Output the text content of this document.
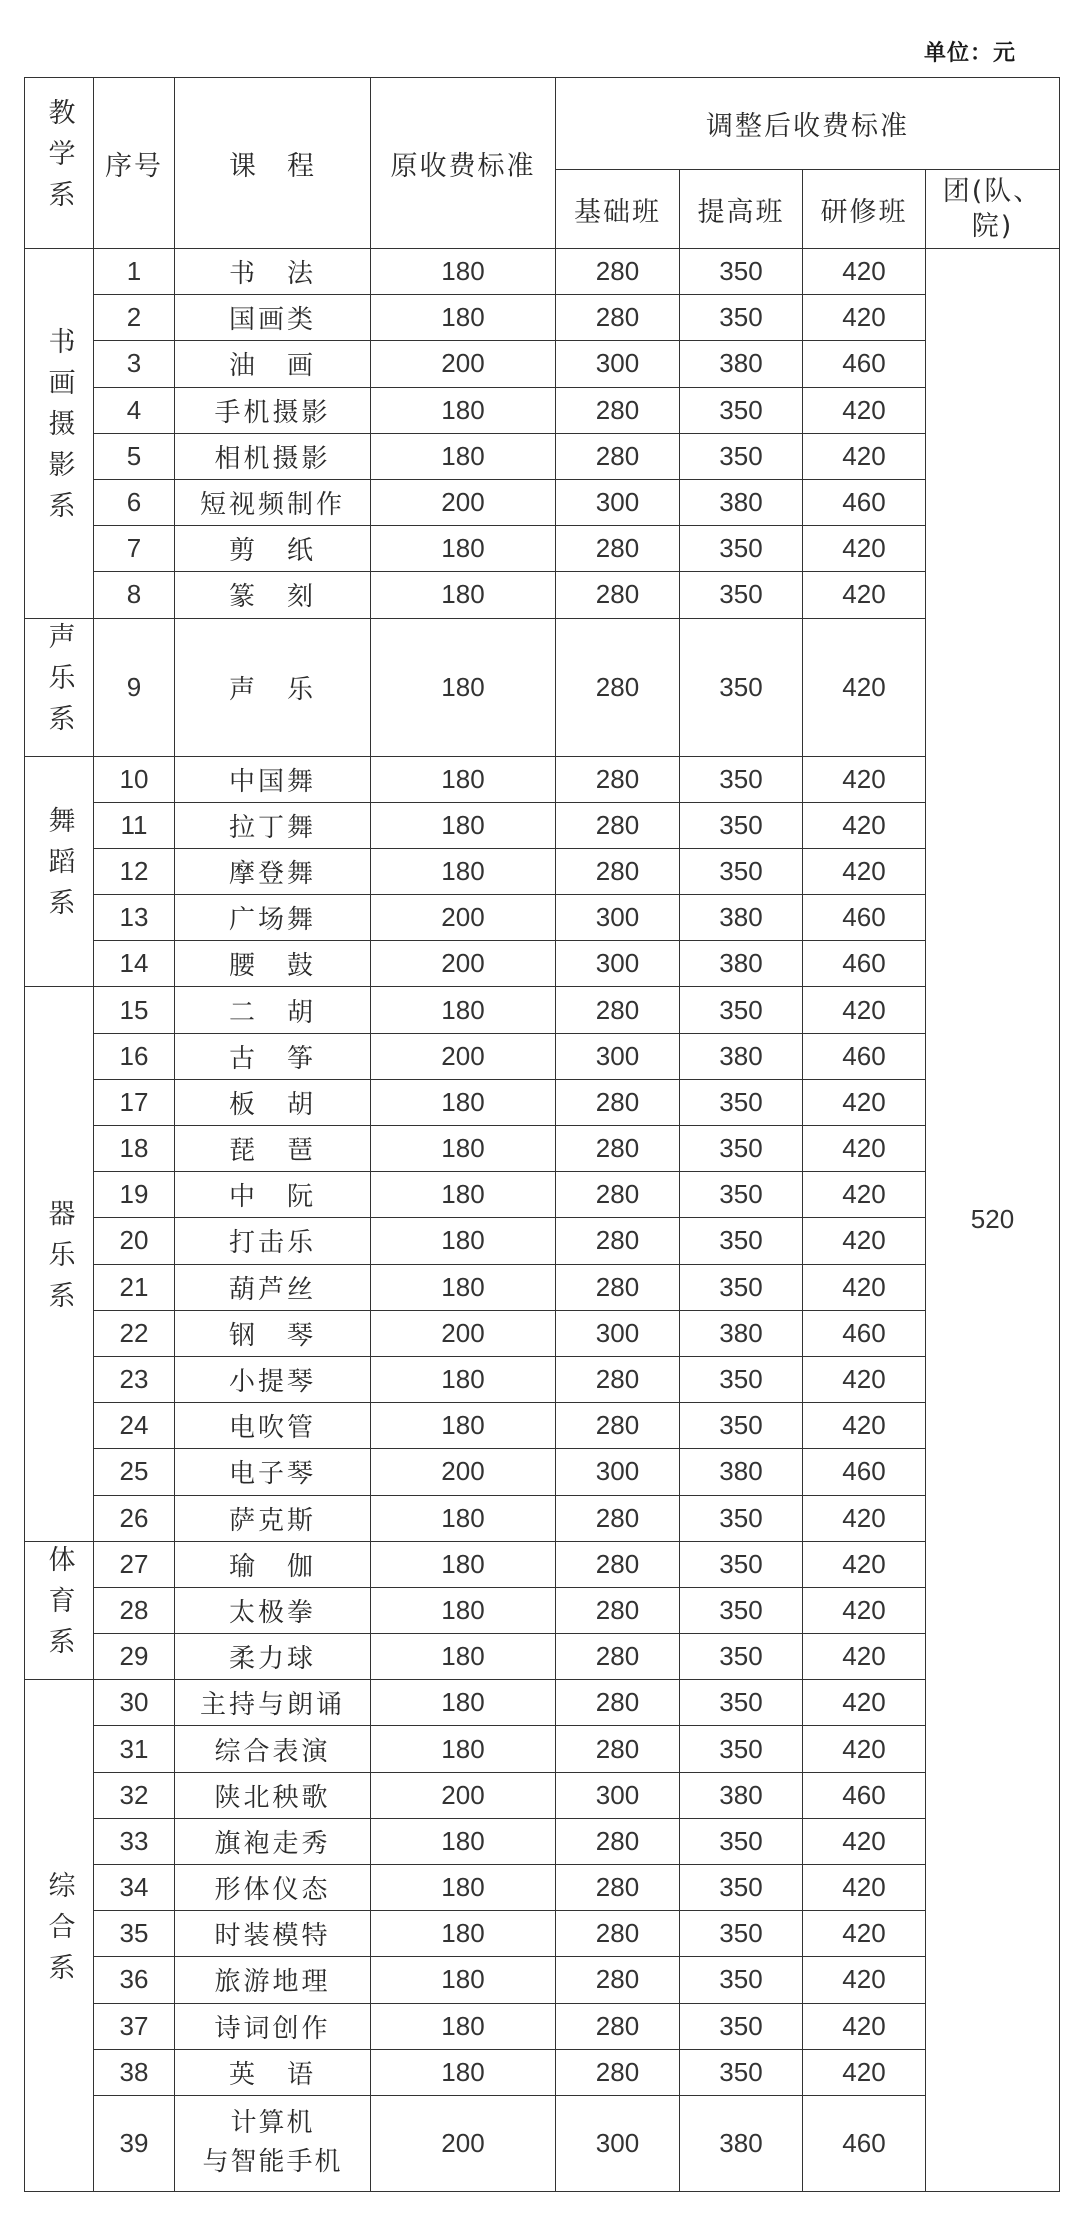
单位：元
教学系	序号	课　程	原收费标准	调整后收费标准			
				基础班	提高班	研修班	团(队、院)
书画摄影系	1	书　法	180	280	350	420	520
	2	国画类	180	280	350	420	
	3	油　画	200	300	380	460	
	4	手机摄影	180	280	350	420	
	5	相机摄影	180	280	350	420	
	6	短视频制作	200	300	380	460	
	7	剪　纸	180	280	350	420	
	8	篆　刻	180	280	350	420	
声乐系	9	声　乐	180	280	350	420	
舞蹈系	10	中国舞	180	280	350	420	
	11	拉丁舞	180	280	350	420	
	12	摩登舞	180	280	350	420	
	13	广场舞	200	300	380	460	
	14	腰　鼓	200	300	380	460	
器乐系	15	二　胡	180	280	350	420	
	16	古　筝	200	300	380	460	
	17	板　胡	180	280	350	420	
	18	琵　琶	180	280	350	420	
	19	中　阮	180	280	350	420	
	20	打击乐	180	280	350	420	
	21	葫芦丝	180	280	350	420	
	22	钢　琴	200	300	380	460	
	23	小提琴	180	280	350	420	
	24	电吹管	180	280	350	420	
	25	电子琴	200	300	380	460	
	26	萨克斯	180	280	350	420	
体育系	27	瑜　伽	180	280	350	420	
	28	太极拳	180	280	350	420	
	29	柔力球	180	280	350	420	
综合系	30	主持与朗诵	180	280	350	420	
	31	综合表演	180	280	350	420	
	32	陕北秧歌	200	300	380	460	
	33	旗袍走秀	180	280	350	420	
	34	形体仪态	180	280	350	420	
	35	时装模特	180	280	350	420	
	36	旅游地理	180	280	350	420	
	37	诗词创作	180	280	350	420	
	38	英　语	180	280	350	420	
	39	计算机
与智能手机	200	300	380	460	
